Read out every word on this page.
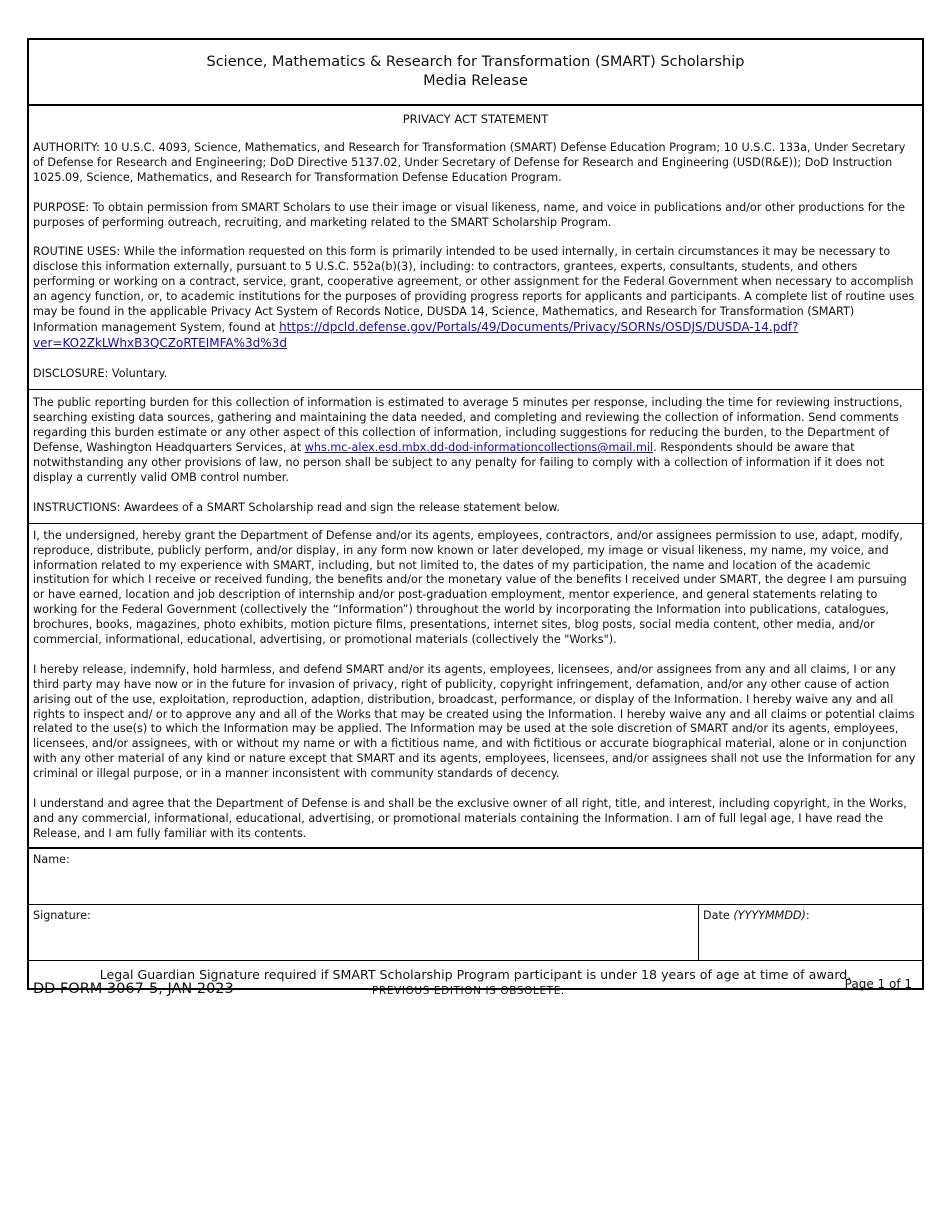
Science, Mathematics & Research for Transformation (SMART) Scholarship
Media Release
PRIVACY ACT STATEMENT

AUTHORITY: 10 U.S.C. 4093, Science, Mathematics, and Research for Transformation (SMART) Defense Education Program; 10 U.S.C. 133a, Under Secretary of Defense for Research and Engineering; DoD Directive 5137.02, Under Secretary of Defense for Research and Engineering (USD(R&E)); DoD Instruction 1025.09, Science, Mathematics, and Research for Transformation Defense Education Program.

PURPOSE: To obtain permission from SMART Scholars to use their image or visual likeness, name, and voice in publications and/or other productions for the purposes of performing outreach, recruiting, and marketing related to the SMART Scholarship Program.

ROUTINE USES: While the information requested on this form is primarily intended to be used internally, in certain circumstances it may be necessary to disclose this information externally, pursuant to 5 U.S.C. 552a(b)(3), including: to contractors, grantees, experts, consultants, students, and others performing or working on a contract, service, grant, cooperative agreement, or other assignment for the Federal Government when necessary to accomplish an agency function, or, to academic institutions for the purposes of providing progress reports for applicants and participants. A complete list of routine uses may be found in the applicable Privacy Act System of Records Notice, DUSDA 14, Science, Mathematics, and Research for Transformation (SMART) Information management System, found at https://dpcld.defense.gov/Portals/49/Documents/Privacy/SORNs/OSDJS/DUSDA-14.pdf?ver=KO2ZkLWhxB3QCZoRTEIMFA%3d%3d

DISCLOSURE: Voluntary.

The public reporting burden for this collection of information is estimated to average 5 minutes per response, including the time for reviewing instructions, searching existing data sources, gathering and maintaining the data needed, and completing and reviewing the collection of information. Send comments regarding this burden estimate or any other aspect of this collection of information, including suggestions for reducing the burden, to the Department of Defense, Washington Headquarters Services, at whs.mc-alex.esd.mbx.dd-dod-informationcollections@mail.mil. Respondents should be aware that notwithstanding any other provisions of law, no person shall be subject to any penalty for failing to comply with a collection of information if it does not display a currently valid OMB control number.

INSTRUCTIONS: Awardees of a SMART Scholarship read and sign the release statement below.

I, the undersigned, hereby grant the Department of Defense and/or its agents, employees, contractors, and/or assignees permission to use, adapt, modify, reproduce, distribute, publicly perform, and/or display, in any form now known or later developed, my image or visual likeness, my name, my voice, and information related to my experience with SMART, including, but not limited to, the dates of my participation, the name and location of the academic institution for which I receive or received funding, the benefits and/or the monetary value of the benefits I received under SMART, the degree I am pursuing or have earned, location and job description of internship and/or post-graduation employment, mentor experience, and general statements relating to working for the Federal Government (collectively the “Information”) throughout the world by incorporating the Information into publications, catalogues, brochures, books, magazines, photo exhibits, motion picture films, presentations, internet sites, blog posts, social media content, other media, and/or commercial, informational, educational, advertising, or promotional materials (collectively the "Works").

I hereby release, indemnify, hold harmless, and defend SMART and/or its agents, employees, licensees, and/or assignees from any and all claims, I or any third party may have now or in the future for invasion of privacy, right of publicity, copyright infringement, defamation, and/or any other cause of action arising out of the use, exploitation, reproduction, adaption, distribution, broadcast, performance, or display of the Information. I hereby waive any and all rights to inspect and/ or to approve any and all of the Works that may be created using the Information. I hereby waive any and all claims or potential claims related to the use(s) to which the Information may be applied. The Information may be used at the sole discretion of SMART and/or its agents, employees, licensees, and/or assignees, with or without my name or with a fictitious name, and with fictitious or accurate biographical material, alone or in conjunction with any other material of any kind or nature except that SMART and its agents, employees, licensees, and/or assignees shall not use the Information for any criminal or illegal purpose, or in a manner inconsistent with community standards of decency.

I understand and agree that the Department of Defense is and shall be the exclusive owner of all right, title, and interest, including copyright, in the Works, and any commercial, informational, educational, advertising, or promotional materials containing the Information. I am of full legal age, I have read the Release, and I am fully familiar with its contents.

Name:
Signature:	Date (YYYYMMDD):
Legal Guardian Signature required if SMART Scholarship Program participant is under 18 years of age at time of award.
DD FORM 3067-5, JAN 2023	PREVIOUS EDITION IS OBSOLETE.	Page 1 of 1
